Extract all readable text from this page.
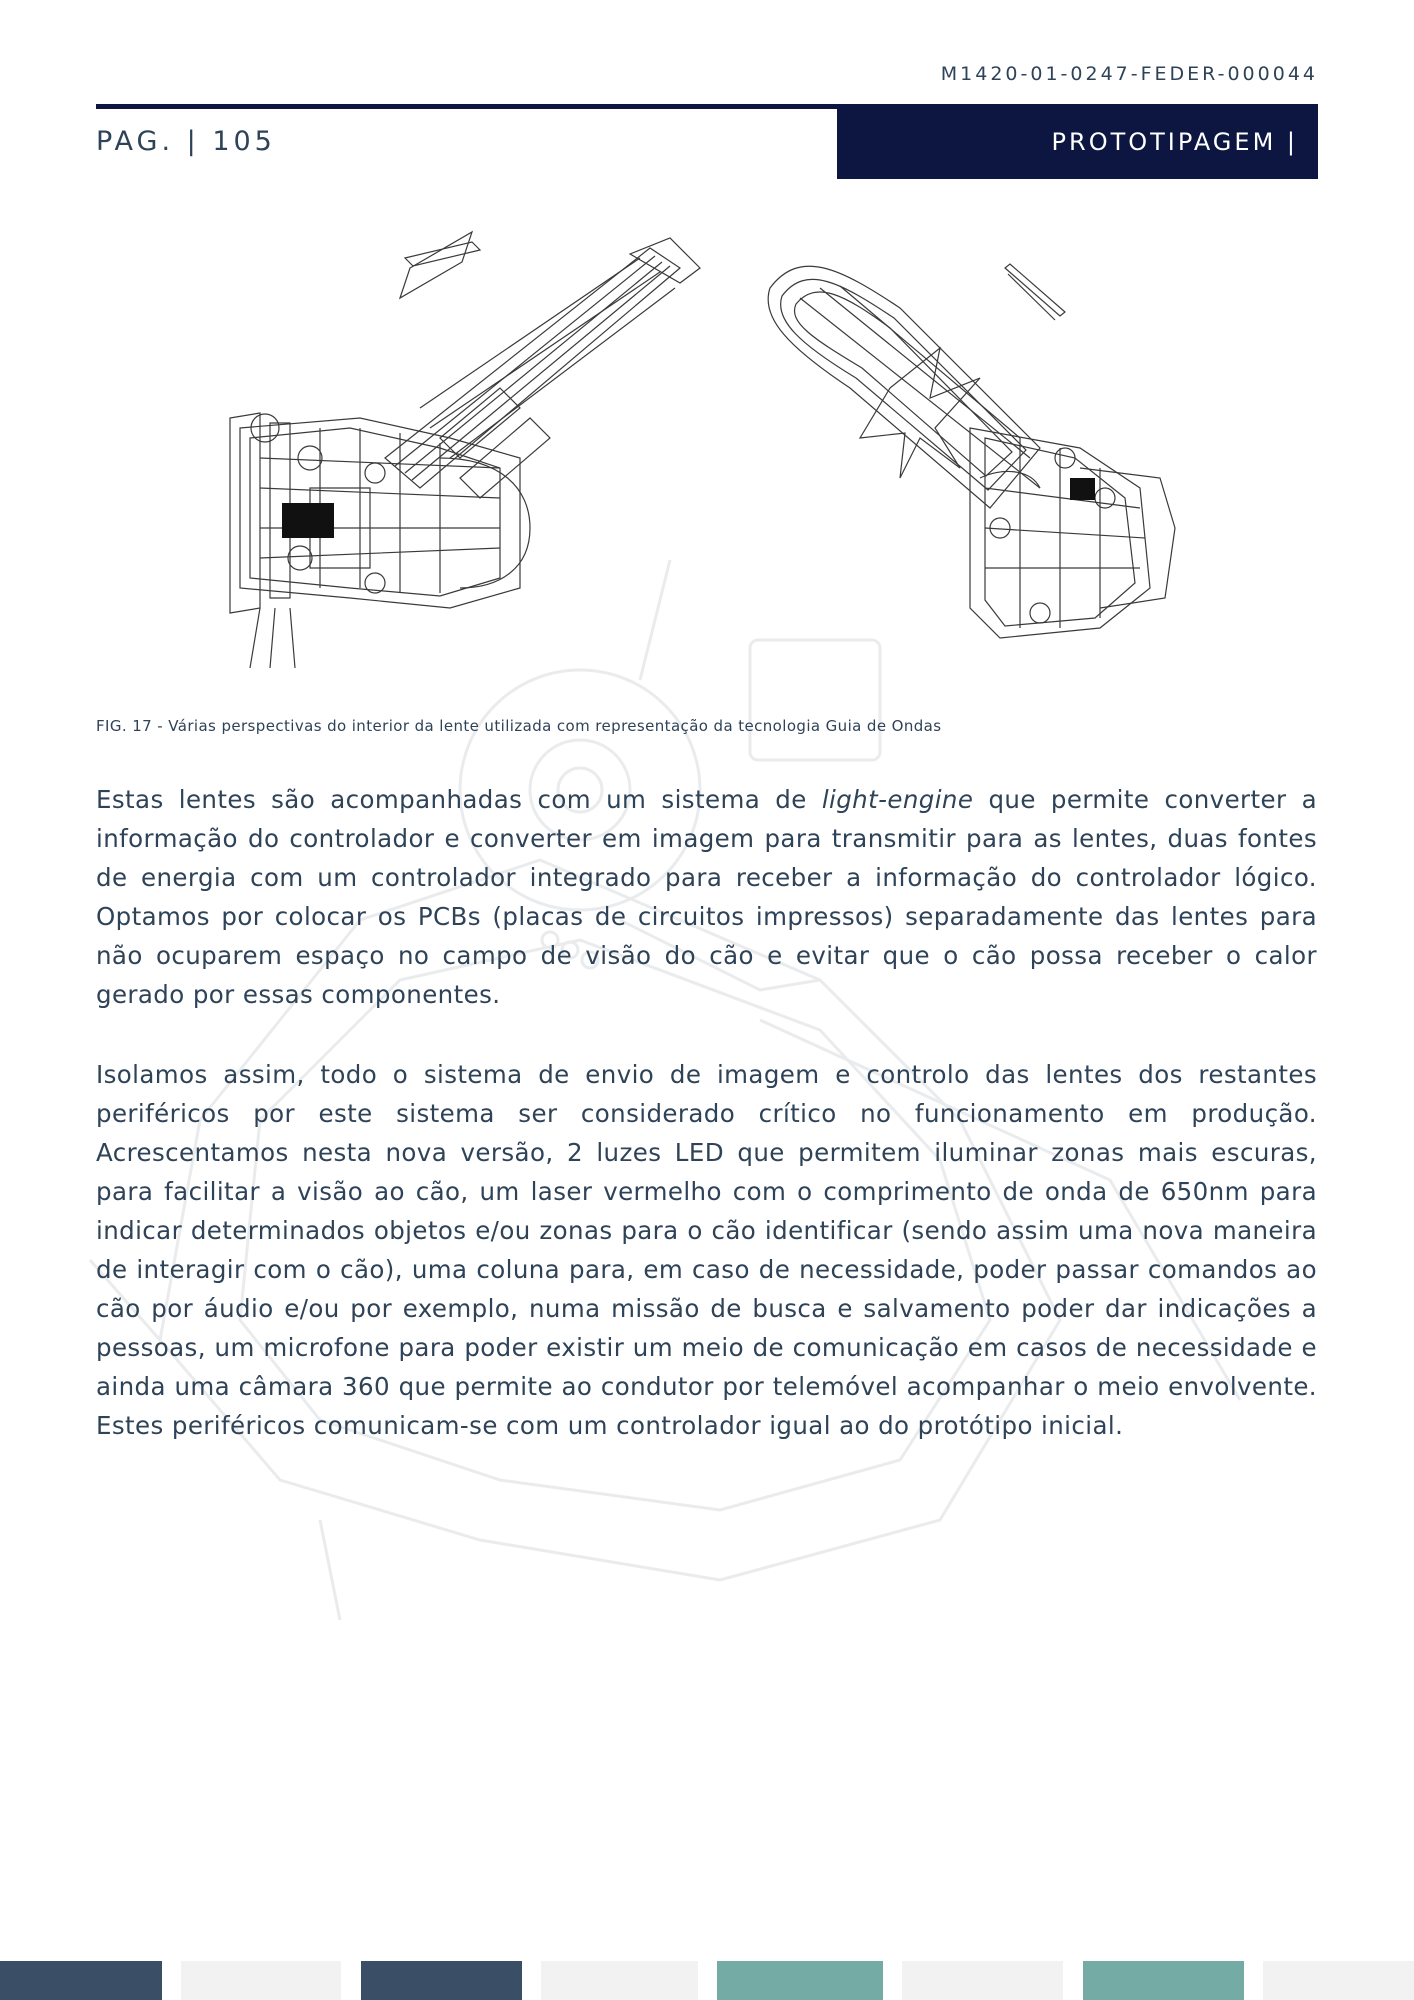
M1420-01-0247-FEDER-000044
PAG. | 105	PROTOTIPAGEM |
FIG. 17 - Várias perspectivas do interior da lente utilizada com representação da tecnologia Guia de Ondas

Estas lentes são acompanhadas com um sistema de light-engine que permite converter a informação do controlador e converter em imagem para transmitir para as lentes, duas fontes de energia com um controlador integrado para receber a informação do controlador lógico. Optamos por colocar os PCBs (placas de circuitos impressos) separadamente das lentes para não ocuparem espaço no campo de visão do cão e evitar que o cão possa receber o calor gerado por essas componentes.

Isolamos assim, todo o sistema de envio de imagem e controlo das lentes dos restantes periféricos por este sistema ser considerado crítico no funcionamento em produção. Acrescentamos nesta nova versão, 2 luzes LED que permitem iluminar zonas mais escuras, para facilitar a visão ao cão, um laser vermelho com o comprimento de onda de 650nm para indicar determinados objetos e/ou zonas para o cão identificar (sendo assim uma nova maneira de interagir com o cão), uma coluna para, em caso de necessidade, poder passar comandos ao cão por áudio e/ou por exemplo, numa missão de busca e salvamento poder dar indicações a pessoas, um microfone para poder existir um meio de comunicação em casos de necessidade e ainda uma câmara 360 que permite ao condutor por telemóvel acompanhar o meio envolvente. Estes periféricos comunicam-se com um controlador igual ao do protótipo inicial.
